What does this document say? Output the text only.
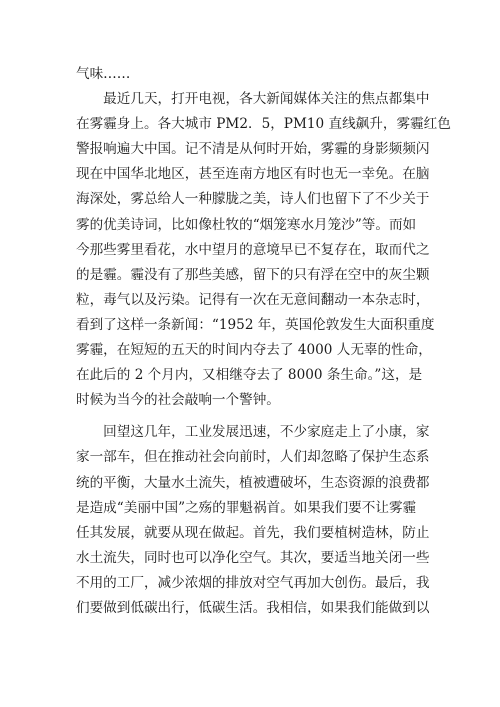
气味……
　　最近几天，打开电视，各大新闻媒体关注的焦点都集中
在雾霾身上。各大城市 PM2．5，PM10 直线飙升，雾霾红色
警报响遍大中国。记不清是从何时开始，雾霾的身影频频闪
现在中国华北地区，甚至连南方地区有时也无一幸免。在脑
海深处，雾总给人一种朦胧之美，诗人们也留下了不少关于
雾的优美诗词，比如像杜牧的“烟笼寒水月笼沙”等。而如
今那些雾里看花，水中望月的意境早已不复存在，取而代之
的是霾。霾没有了那些美感，留下的只有浮在空中的灰尘颗
粒，毒气以及污染。记得有一次在无意间翻动一本杂志时，
看到了这样一条新闻：“1952 年，英国伦敦发生大面积重度
雾霾，在短短的五天的时间内夺去了 4000 人无辜的性命，
在此后的 2 个月内，又相继夺去了 8000 条生命。”这，是
时候为当今的社会敲响一个警钟。
　　回望这几年，工业发展迅速，不少家庭走上了小康，家
家一部车，但在推动社会向前时，人们却忽略了保护生态系
统的平衡，大量水土流失，植被遭破坏，生态资源的浪费都
是造成“美丽中国”之殇的罪魁祸首。如果我们要不让雾霾
任其发展，就要从现在做起。首先，我们要植树造林，防止
水土流失，同时也可以净化空气。其次，要适当地关闭一些
不用的工厂，减少浓烟的排放对空气再加大创伤。最后，我
们要做到低碳出行，低碳生活。我相信，如果我们能做到以
